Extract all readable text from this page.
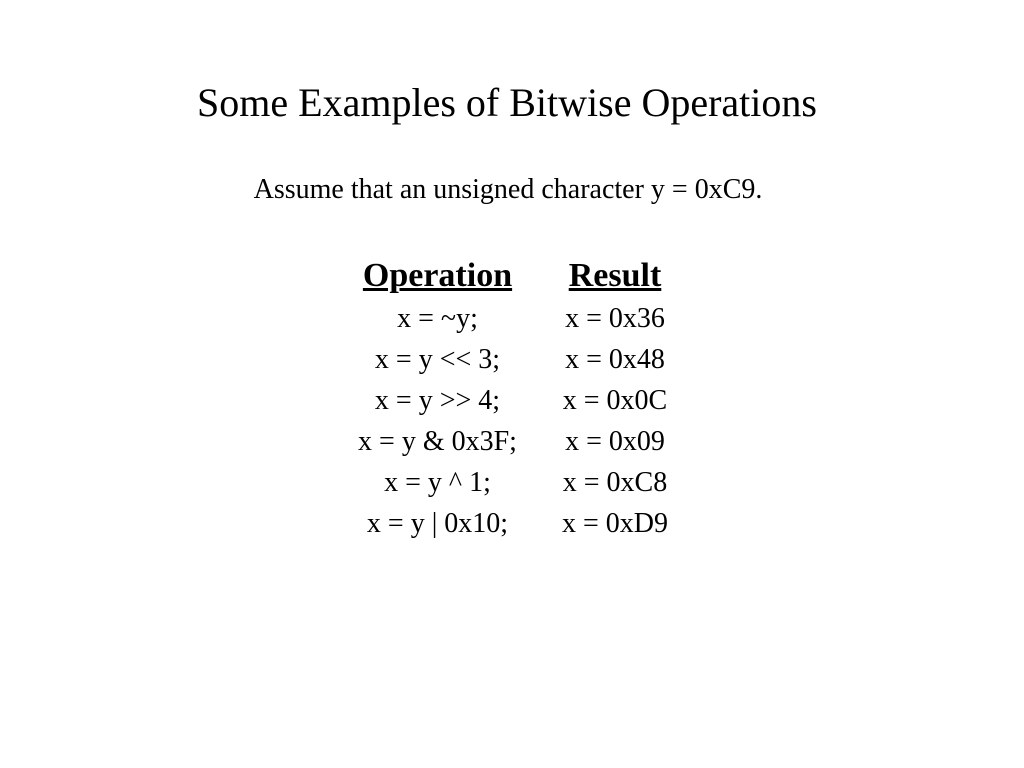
Some Examples of Bitwise Operations
Assume that an unsigned character y = 0xC9.
Operation	Result
x = ~y;	x = 0x36
x = y << 3;	x = 0x48
x = y >> 4;	x = 0x0C
x = y & 0x3F;	x = 0x09
x = y ^ 1;	x = 0xC8
x = y | 0x10;	x = 0xD9
